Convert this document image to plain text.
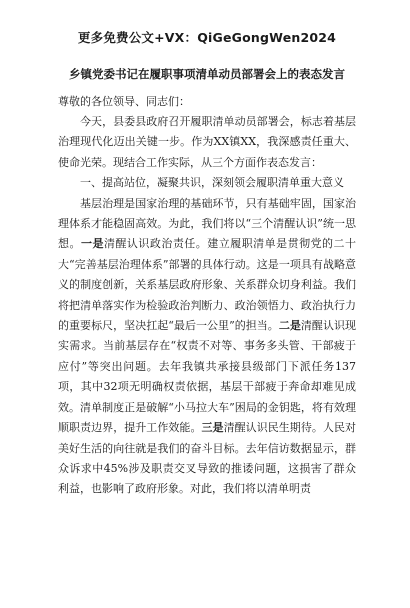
更多免费公文+VX：QiGeGongWen2024
乡镇党委书记在履职事项清单动员部署会上的表态发言
尊敬的各位领导、同志们：

今天，县委县政府召开履职清单动员部署会，标志着基层治理现代化迈出关键一步。作为XX镇XX，我深感责任重大、使命光荣。现结合工作实际，从三个方面作表态发言：

一、提高站位，凝聚共识，深刻领会履职清单重大意义

基层治理是国家治理的基础环节，只有基础牢固，国家治理体系才能稳固高效。为此，我们将以“三个清醒认识”统一思想。一是清醒认识政治责任。建立履职清单是贯彻党的二十大“完善基层治理体系”部署的具体行动。这是一项具有战略意义的制度创新，关系基层政府形象、关系群众切身利益。我们将把清单落实作为检验政治判断力、政治领悟力、政治执行力的重要标尺，坚决扛起“最后一公里”的担当。二是清醒认识现实需求。当前基层存在“权责不对等、事务多头管、干部疲于应付”等突出问题。去年我镇共承接县级部门下派任务137项，其中32项无明确权责依据，基层干部疲于奔命却难见成效。清单制度正是破解“小马拉大车”困局的金钥匙，将有效理顺职责边界，提升工作效能。三是清醒认识民生期待。人民对美好生活的向往就是我们的奋斗目标。去年信访数据显示，群众诉求中45%涉及职责交叉导致的推诿问题，这损害了群众利益，也影响了政府形象。对此，我们将以清单明责
